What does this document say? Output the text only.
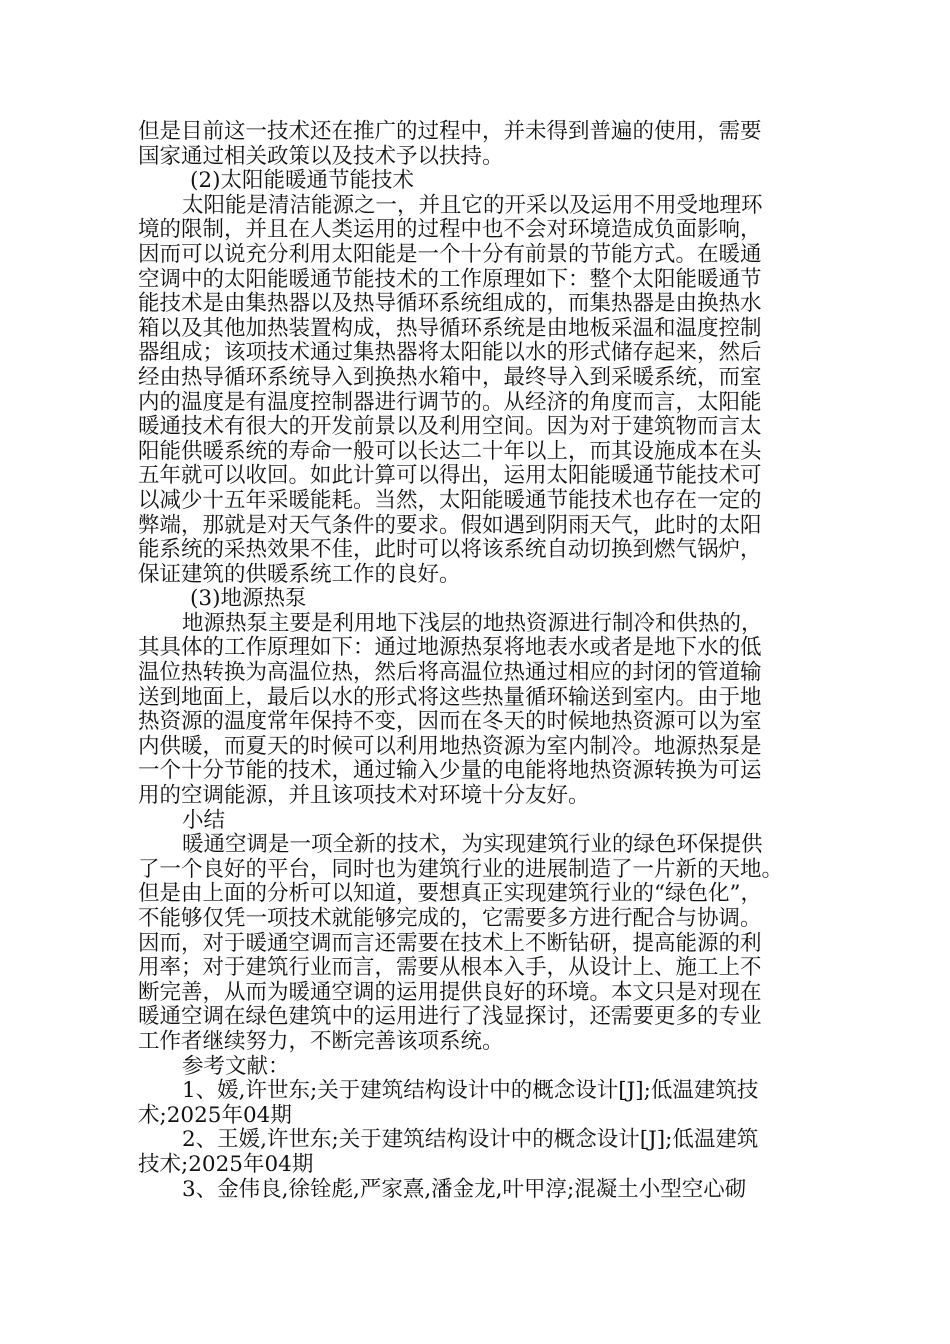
但是目前这一技术还在推广的过程中，并未得到普遍的使用，需要
国家通过相关政策以及技术予以扶持。
(2)太阳能暖通节能技术
太阳能是清洁能源之一，并且它的开采以及运用不用受地理环
境的限制，并且在人类运用的过程中也不会对环境造成负面影响，
因而可以说充分利用太阳能是一个十分有前景的节能方式。在暖通
空调中的太阳能暖通节能技术的工作原理如下：整个太阳能暖通节
能技术是由集热器以及热导循环系统组成的，而集热器是由换热水
箱以及其他加热装置构成，热导循环系统是由地板采温和温度控制
器组成；该项技术通过集热器将太阳能以水的形式储存起来，然后
经由热导循环系统导入到换热水箱中，最终导入到采暖系统，而室
内的温度是有温度控制器进行调节的。从经济的角度而言，太阳能
暖通技术有很大的开发前景以及利用空间。因为对于建筑物而言太
阳能供暖系统的寿命一般可以长达二十年以上，而其设施成本在头
五年就可以收回。如此计算可以得出，运用太阳能暖通节能技术可
以减少十五年采暖能耗。当然，太阳能暖通节能技术也存在一定的
弊端，那就是对天气条件的要求。假如遇到阴雨天气，此时的太阳
能系统的采热效果不佳，此时可以将该系统自动切换到燃气锅炉，
保证建筑的供暖系统工作的良好。
(3)地源热泵
地源热泵主要是利用地下浅层的地热资源进行制冷和供热的，
其具体的工作原理如下：通过地源热泵将地表水或者是地下水的低
温位热转换为高温位热，然后将高温位热通过相应的封闭的管道输
送到地面上，最后以水的形式将这些热量循环输送到室内。由于地
热资源的温度常年保持不变，因而在冬天的时候地热资源可以为室
内供暖，而夏天的时候可以利用地热资源为室内制冷。地源热泵是
一个十分节能的技术，通过输入少量的电能将地热资源转换为可运
用的空调能源，并且该项技术对环境十分友好。
小结
暖通空调是一项全新的技术，为实现建筑行业的绿色环保提供
了一个良好的平台，同时也为建筑行业的进展制造了一片新的天地。
但是由上面的分析可以知道，要想真正实现建筑行业的“绿色化”，
不能够仅凭一项技术就能够完成的，它需要多方进行配合与协调。
因而，对于暖通空调而言还需要在技术上不断钻研，提高能源的利
用率；对于建筑行业而言，需要从根本入手，从设计上、施工上不
断完善，从而为暖通空调的运用提供良好的环境。本文只是对现在
暖通空调在绿色建筑中的运用进行了浅显探讨，还需要更多的专业
工作者继续努力，不断完善该项系统。
参考文献：
1、媛,许世东;关于建筑结构设计中的概念设计[J];低温建筑技
术;2025年04期
2、王媛,许世东;关于建筑结构设计中的概念设计[J];低温建筑
技术;2025年04期
3、金伟良,徐铨彪,严家熹,潘金龙,叶甲淳;混凝土小型空心砌
